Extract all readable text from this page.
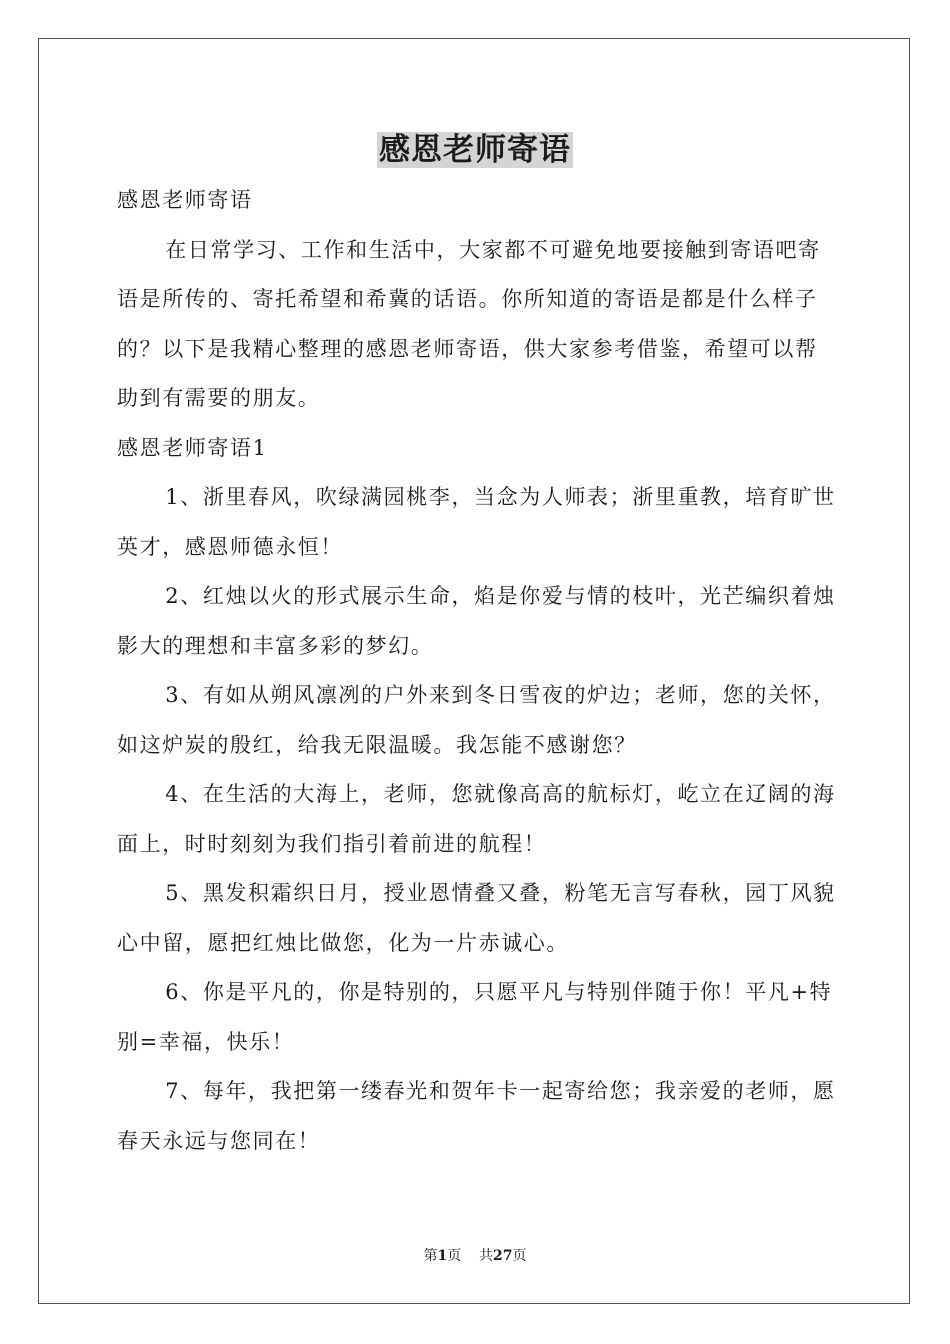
感恩老师寄语

感恩老师寄语

在日常学习、工作和生活中，大家都不可避免地要接触到寄语吧寄语是所传的、寄托希望和希冀的话语。你所知道的寄语是都是什么样子的？以下是我精心整理的感恩老师寄语，供大家参考借鉴，希望可以帮助到有需要的朋友。

感恩老师寄语1

1、浙里春风，吹绿满园桃李，当念为人师表；浙里重教，培育旷世英才，感恩师德永恒！

2、红烛以火的形式展示生命，焰是你爱与情的枝叶，光芒编织着烛影大的理想和丰富多彩的梦幻。

3、有如从朔风凛冽的户外来到冬日雪夜的炉边；老师，您的关怀，如这炉炭的殷红，给我无限温暖。我怎能不感谢您？

4、在生活的大海上，老师，您就像高高的航标灯，屹立在辽阔的海面上，时时刻刻为我们指引着前进的航程！

5、黑发积霜织日月，授业恩情叠又叠，粉笔无言写春秋，园丁风貌心中留，愿把红烛比做您，化为一片赤诚心。

6、你是平凡的，你是特别的，只愿平凡与特别伴随于你！平凡+特别=幸福，快乐！

7、每年，我把第一缕春光和贺年卡一起寄给您；我亲爱的老师，愿春天永远与您同在！

第1页 共27页
